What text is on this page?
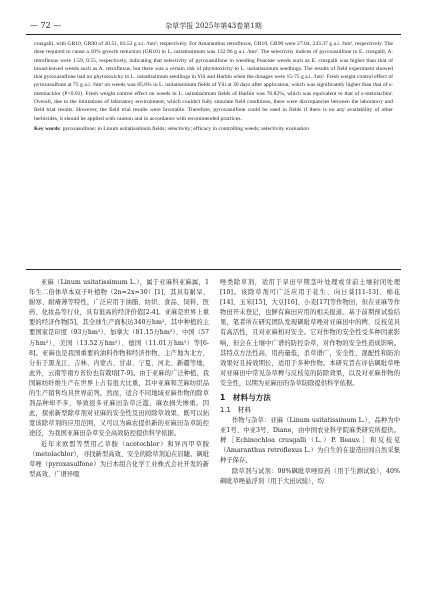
— 72 —	杂草学报 2025年第43卷第1期

crusgalli, with GR10, GR90 of 20.51, 83.52 g a.i. /hm², respectively. For Amaranthus retroflexus, GR10, GR90 were 27.04, 243.37 g a.i. /hm², respectively. The dose required to cause a 10% growth reduction (GR10) in L. usitatissimum was 132.96 g a.i. /hm². The selectivity indices of pyroxasulfone to E. crusgalli, A. retroflexus were 1.59, 0.55, respectively, indicating that selectivity of pyroxasulfone in weeding Poaceae weeds such as E. crusgalli was higher than that of broad-leaved weeds such as A. retroflexus, but there was a certain risk of phytotoxicity to L. usitatissimum seedlings. The results of field experiment showed that pyroxasulfone had no phytotoxicity to L. usitatissimum seedlings in Yili and Harbin when the dosages were 15-75 g a.i. /hm². Fresh weight control effect of pyroxasulfone at 75 g a.i. /hm² on weeds was 85.6% in L. usitatissimum fields of Yili at 30 days after application, which was significantly higher than that of s-metolachlor (P<0.01). Fresh weight control effect on weeds in L. usitatissimum fields of Harbin was 76.82%, which was equivalent to that of s-metolachlor. Overall, due to the limitations of laboratory environment, which couldn't fully simulate field conditions, there were discrepancies between the laboratory and field trial results. However, the field trial results were favorable. Therefore, pyroxasulfone could be used in fields if there is no any availability of other herbicides, it should be applied with caution and in accordance with recommended practices.

Key words: pyroxasulfone; in Linum usitatissimum fields; selectivity; efficacy in controlling weeds; selectivity evaluation

亚麻（Linum usitatissimum L.），属于亚麻科亚麻属，1年生二倍体草本双子叶植物（2n=2x=30）[1]，其具有耐旱、耐寒、耐瘠薄等特性，广泛应用于油脂、纺织、食品、饲料、医药、化妆品等行业，具有很高的经济价值[2-4]。亚麻是世界上重要的经济作物[5]，其全球生产面积达340万hm²，其中种植的主要国家是印度（93万hm²）、加拿大（81.15万hm²）、中国（57万hm²）、美国（13.52万hm²）、德国（11.01万hm²）等[6-8]。亚麻也是我国重要的油料作物和经济作物，主产地为北方，分布于黑龙江、吉林、内蒙古、甘肃、宁夏、河北、新疆等地，此外，云南等南方省份也有栽培[7-9]。由于亚麻的广泛种植，我国麻纺纤维生产在世界上占有很大比重，其中亚麻和芝麻纺织品的生产销售均具世界前列。然而，适合不同地域亚麻作物的除草剂品种却不多，导致很多亚麻田杂草泛滥，麻农损失惨重。因此，探索新型除草剂对亚麻的安全性及田间除草效果，既可以拓宽该除草剂的应用范围，又可以为麻农提供新的亚麻田杂草防控途径，为我国亚麻田杂草安全高效防控提供科学依据。

近年来欧盟等禁用乙草胺（acetochlor）和异丙甲草胺（metolachlor），寻找新型高效、安全的除草剂迫在眉睫。砜吡草唑（pyroxasulfone）为日本组合化学工业株式会社开发的新型高效、广谱异噁

唑类除草剂，适用于旱田早期茎叶处理或芽前土壤封闭处理[10]。该除草剂可广泛应用于花生、向日葵[11-13]、棉花[14]、玉米[15]、大豆[16]、小麦[17]等作物田，但在亚麻等作物田开未登记，也鲜有麻田应用的相关报道。基于前期预试验结果，笔者所在研究团队发现砜吡草唑对亚麻田中的稗、反枝苋具有高活性，且对亚麻相对安全。它对作物的安全性受多种因素影响，但会在土壤中广谱的防控杂草，对作物的安全性造成影响。其特点方法性高，用药量低，杀草谱广，安全性，混配性和防治效果好且持效期长，适用于多种作物。本研究旨在评估砜吡草唑对亚麻田中常见杂草稗与反枝苋的防除效果，以及对亚麻作物的安全性，以期为亚麻田的杂草防除提供科学依据。

1　材料与方法
1.1　材料

作物与杂草：亚麻（Linum usitatissimum L.），品种为中亚1号、中亚3号、Diane，由中国农业科学院麻类研究所提供。稗［Echinochloa crusgalli（L.）P. Beauv.］和反枝苋（Amaranthus retroflexus L.）为自生的在建造田间自然采集种子保存。

除草剂与试剂：98%砜吡草唑原药（用于生测试验），40%砜吡草唑悬浮剂（用于大田试验），均
